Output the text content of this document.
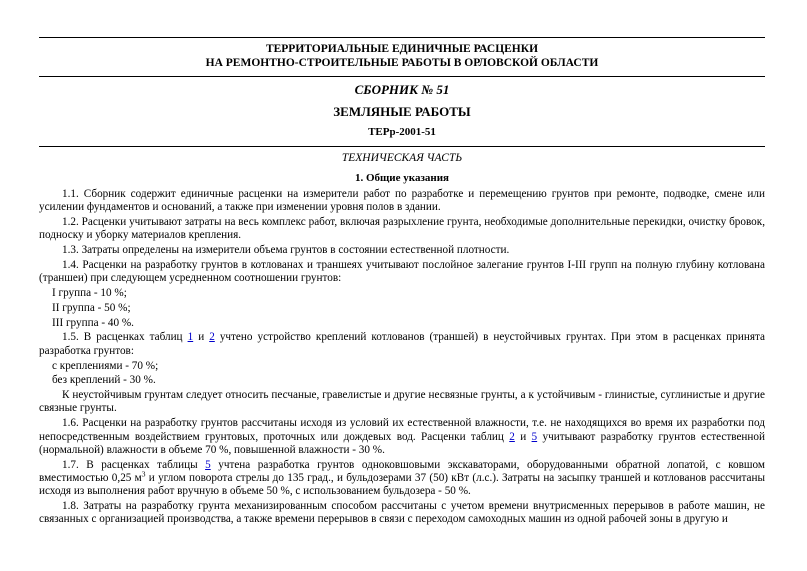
ТЕРРИТОРИАЛЬНЫЕ ЕДИНИЧНЫЕ РАСЦЕНКИ
НА РЕМОНТНО-СТРОИТЕЛЬНЫЕ РАБОТЫ В ОРЛОВСКОЙ ОБЛАСТИ
СБОРНИК № 51
ЗЕМЛЯНЫЕ РАБОТЫ
ТЕРр-2001-51
ТЕХНИЧЕСКАЯ ЧАСТЬ
1. Общие указания

1.1. Сборник содержит единичные расценки на измерители работ по разработке и перемещению грунтов при ремонте, подводке, смене или усилении фундаментов и оснований, а также при изменении уровня полов в здании.

1.2. Расценки учитывают затраты на весь комплекс работ, включая разрыхление грунта, необходимые дополнительные перекидки, очистку бровок, подноску и уборку материалов крепления.

1.3. Затраты определены на измерители объема грунтов в состоянии естественной плотности.

1.4. Расценки на разработку грунтов в котлованах и траншеях учитывают послойное залегание грунтов I-III групп на полную глубину котлована (траншеи) при следующем усредненном соотношении грунтов:

I группа - 10 %;

II группа - 50 %;

III группа - 40 %.

1.5. В расценках таблиц 1 и 2 учтено устройство креплений котлованов (траншей) в неустойчивых грунтах. При этом в расценках принята разработка грунтов:

с креплениями - 70 %;

без креплений - 30 %.

К неустойчивым грунтам следует относить песчаные, гравелистые и другие несвязные грунты, а к устойчивым - глинистые, суглинистые и другие связные грунты.

1.6. Расценки на разработку грунтов рассчитаны исходя из условий их естественной влажности, т.е. не находящихся во время их разработки под непосредственным воздействием грунтовых, проточных или дождевых вод. Расценки таблиц 2 и 5 учитывают разработку грунтов естественной (нормальной) влажности в объеме 70 %, повышенной влажности - 30 %.

1.7. В расценках таблицы 5 учтена разработка грунтов одноковшовыми экскаваторами, оборудованными обратной лопатой, с ковшом вместимостью 0,25 $м^3$ и углом поворота стрелы до 135 град., и бульдозерами 37 (50) кВт (л.с.). Затраты на засыпку траншей и котлованов рассчитаны исходя из выполнения работ вручную в объеме 50 %, с использованием бульдозера - 50 %.

1.8. Затраты на разработку грунта механизированным способом рассчитаны с учетом времени внутрисменных перерывов в работе машин, не связанных с организацией производства, а также времени перерывов в связи с переходом самоходных машин из одной рабочей зоны в другую и
